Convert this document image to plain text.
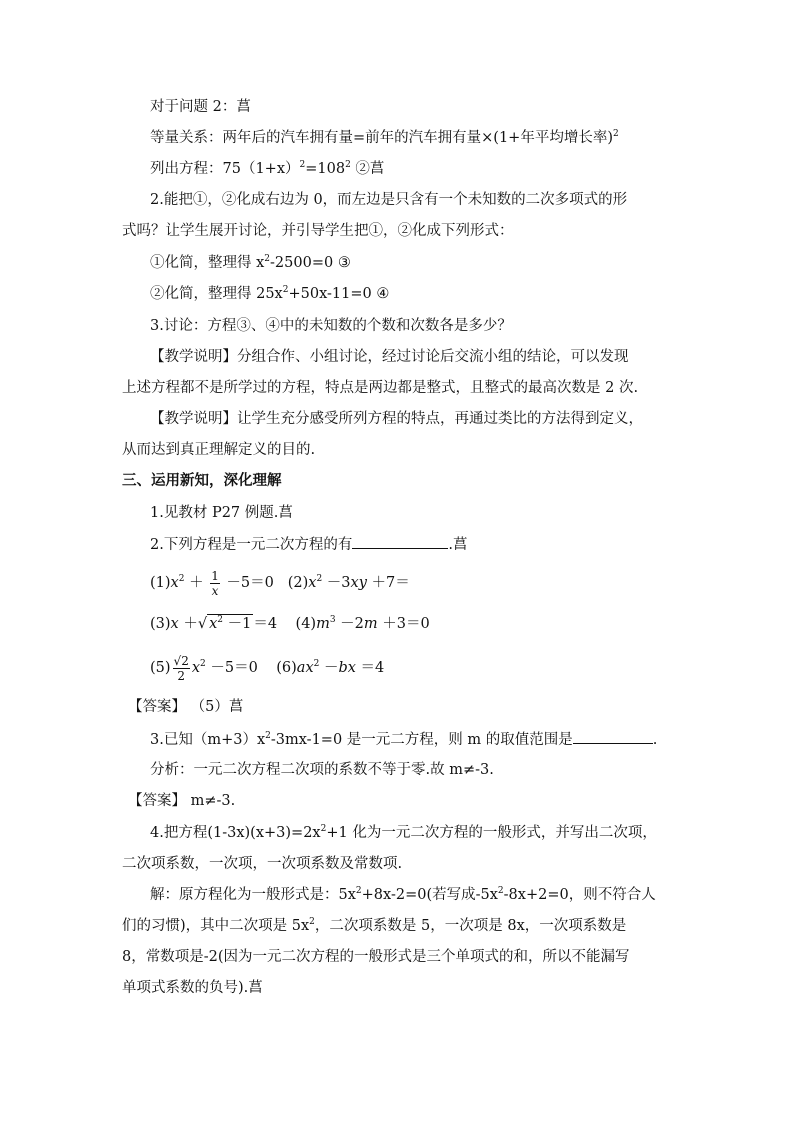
对于问题 2：菖
等量关系：两年后的汽车拥有量=前年的汽车拥有量×(1+年平均增长率)$^2$
列出方程：$75(1+x)^2=108^2$ ②菖
2.能把①，②化成右边为 0，而左边是只含有一个未知数的二次多项式的形
式吗？让学生展开讨论，并引导学生把①，②化成下列形式：
①化简，整理得 $x^2-2500=0$ ③
②化简，整理得 $25x^2+50x-11=0$ ④
3.讨论：方程③、④中的未知数的个数和次数各是多少？
【教学说明】分组合作、小组讨论，经过讨论后交流小组的结论，可以发现
上述方程都不是所学过的方程，特点是两边都是整式，且整式的最高次数是 2 次.
【教学说明】让学生充分感受所列方程的特点，再通过类比的方法得到定义，
从而达到真正理解定义的目的.
三、运用新知，深化理解
1.见教材 P27 例题.菖
2.下列方程是一元二次方程的有	.菖
$(1)x^2 + \frac{1}{x} -5=0$   $(2)x^2 -3xy +7=$
(3)x ＋√ $x^2 -1 =4$    $(4)m^3 -2m +3=0$
$(5) \frac{√2}{2} x^2 -5=0$    $(6)ax^2 -bx =4$
【答案】 （5）菖
3.已知$(m+3)x^2-3mx-1=0$ 是一元二方程，则 m 的取值范围是	.
分析：一元二次方程二次项的系数不等于零.故 m≠-3.
【答案】 m≠-3.
4.把方程$(1-3x)(x+3)=2x^2+1$ 化为一元二次方程的一般形式，并写出二次项，
二次项系数，一次项，一次项系数及常数项.
解：原方程化为一般形式是：$5x^2+8x-2=0$(若写成$-5x^2-8x+2=0$，则不符合人
们的习惯)，其中二次项是 $5x^2$，二次项系数是 5，一次项是 8x，一次项系数是
8，常数项是-2(因为一元二次方程的一般形式是三个单项式的和，所以不能漏写
单项式系数的负号).菖
